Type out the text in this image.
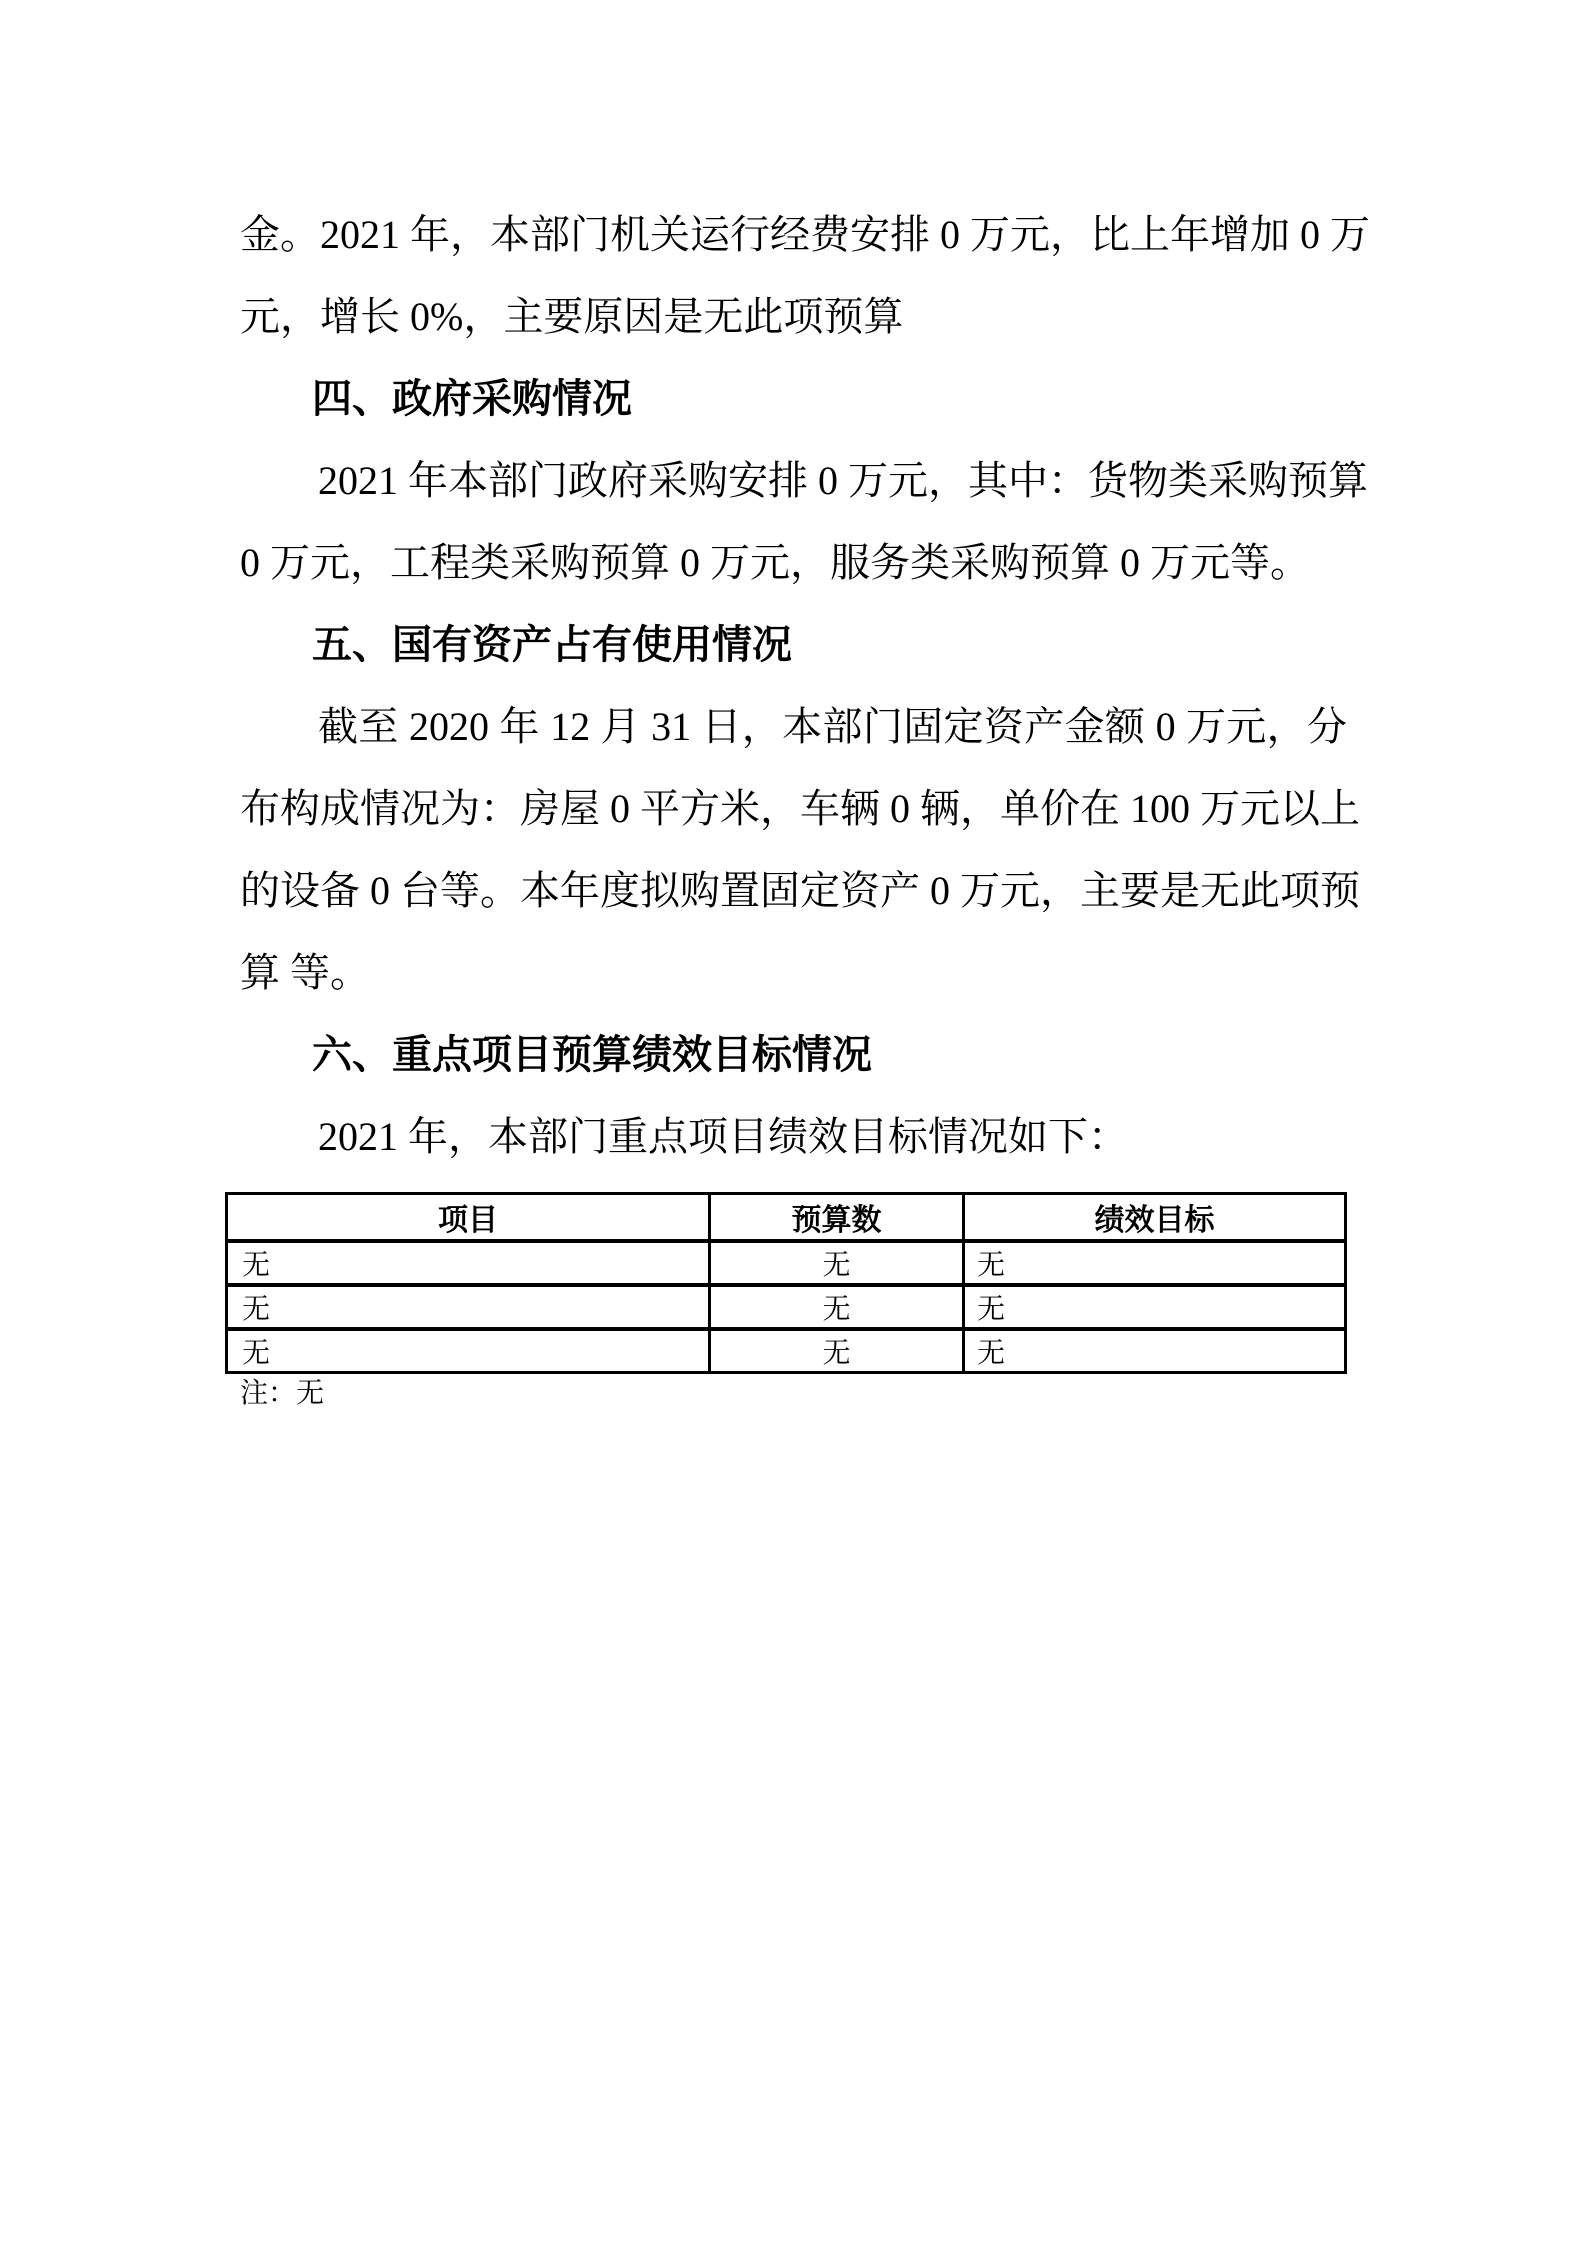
金。2021 年，本部门机关运行经费安排 0 万元，比上年增加 0 万
元，增长 0%，主要原因是无此项预算
四、政府采购情况
2021 年本部门政府采购安排 0 万元，其中：货物类采购预算
0 万元，工程类采购预算 0 万元，服务类采购预算 0 万元等。
五、国有资产占有使用情况
截至 2020 年 12 月 31 日，本部门固定资产金额 0 万元，分
布构成情况为：房屋 0 平方米，车辆 0 辆，单价在 100 万元以上
的设备 0 台等。本年度拟购置固定资产 0 万元，主要是无此项预
算 等。
六、重点项目预算绩效目标情况
2021 年，本部门重点项目绩效目标情况如下：
项目	预算数	绩效目标
无	无	无
无	无	无
无	无	无
注：无
